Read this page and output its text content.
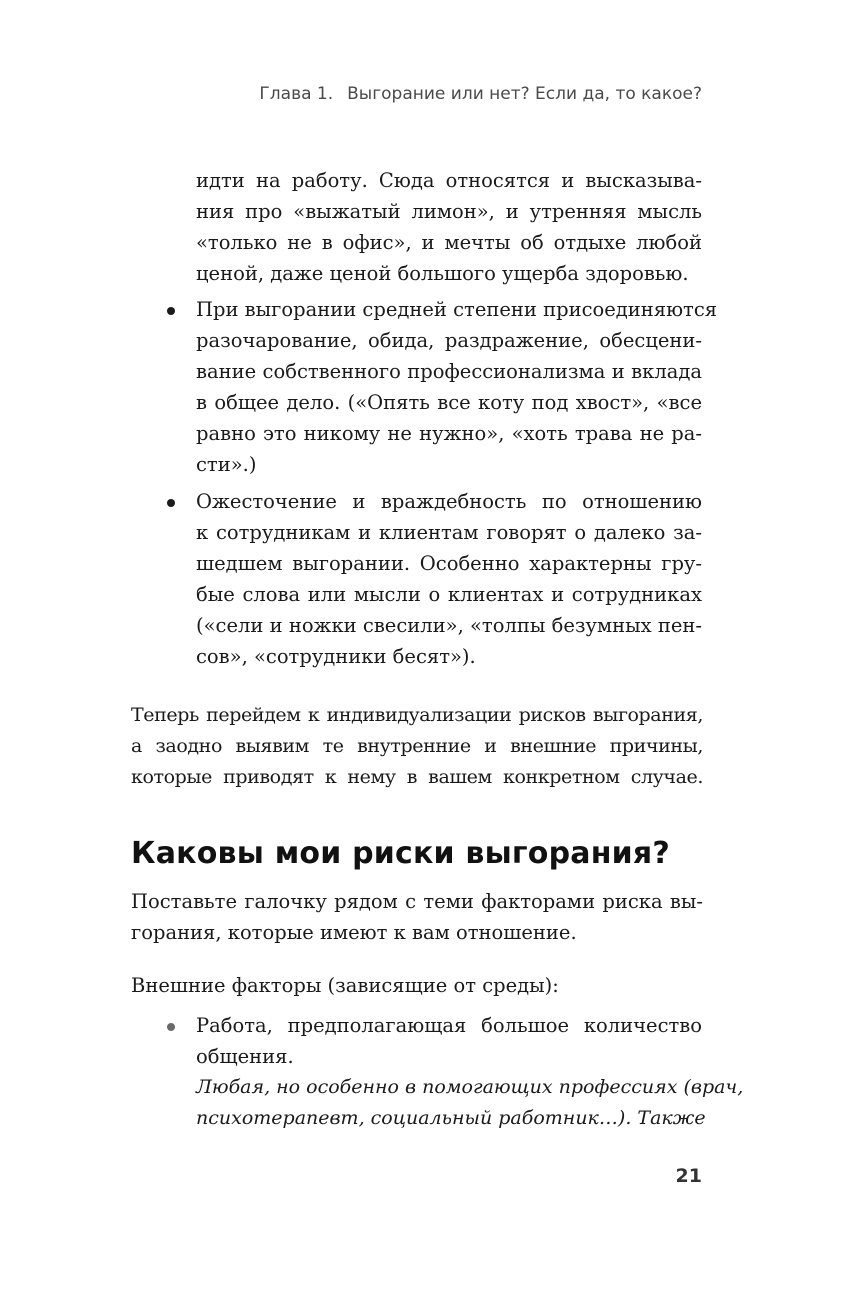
Глава 1. Выгорание или нет? Если да, то какое?
идти на работу. Сюда относятся и высказыва-
ния про «выжатый лимон», и утренняя мысль
«только не в офис», и мечты об отдыхе любой
ценой, даже ценой большого ущерба здоровью.
При выгорании средней степени присоединяются
разочарование, обида, раздражение, обесцени-
вание собственного профессионализма и вклада
в общее дело. («Опять все коту под хвост», «все
равно это никому не нужно», «хоть трава не ра-
сти».)
Ожесточение и враждебность по отношению
к сотрудникам и клиентам говорят о далеко за-
шедшем выгорании. Особенно характерны гру-
бые слова или мысли о клиентах и сотрудниках
(«сели и ножки свесили», «толпы безумных пен-
сов», «сотрудники бесят»).
Теперь перейдем к индивидуализации рисков выгорания,
а заодно выявим те внутренние и внешние причины,
которые приводят к нему в вашем конкретном случае.
Каковы мои риски выгорания?
Поставьте галочку рядом с теми факторами риска вы-
горания, которые имеют к вам отношение.
Внешние факторы (зависящие от среды):
Работа, предполагающая большое количество
общения.
Любая, но особенно в помогающих профессиях (врач,
психотерапевт, социальный работник…). Также
21
